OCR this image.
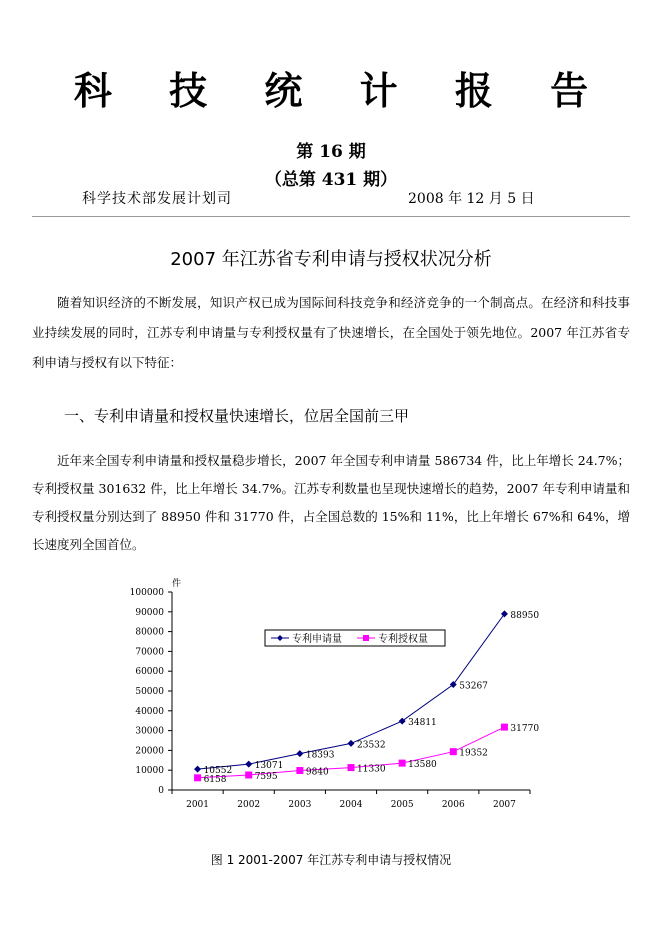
科 技 统 计 报 告
第 16 期
（总第 431 期）
科学技术部发展计划司	2008 年 12 月 5 日
2007 年江苏省专利申请与授权状况分析
随着知识经济的不断发展，知识产权已成为国际间科技竞争和经济竞争的一个制高点。在经济和科技事业持续发展的同时，江苏专利申请量与专利授权量有了快速增长，在全国处于领先地位。2007 年江苏省专利申请与授权有以下特征：
一、专利申请量和授权量快速增长，位居全国前三甲
近年来全国专利申请量和授权量稳步增长，2007 年全国专利申请量 586734 件，比上年增长 24.7%；专利授权量 301632 件，比上年增长 34.7%。江苏专利数量也呈现快速增长的趋势，2007 年专利申请量和专利授权量分别达到了 88950 件和 31770 件，占全国总数的 15%和 11%，比上年增长 67%和 64%，增长速度列全国首位。
件
0
10000
20000
30000
40000
50000
60000
70000
80000
90000
100000
2001	2002	2003	2004	2005	2006	2007
10552	13071
18393
23532
34811
53267
88950
6158	7595	9840	11330	13580
19352
31770
专利申请量	专利授权量
图 1 2001-2007 年江苏专利申请与授权情况
